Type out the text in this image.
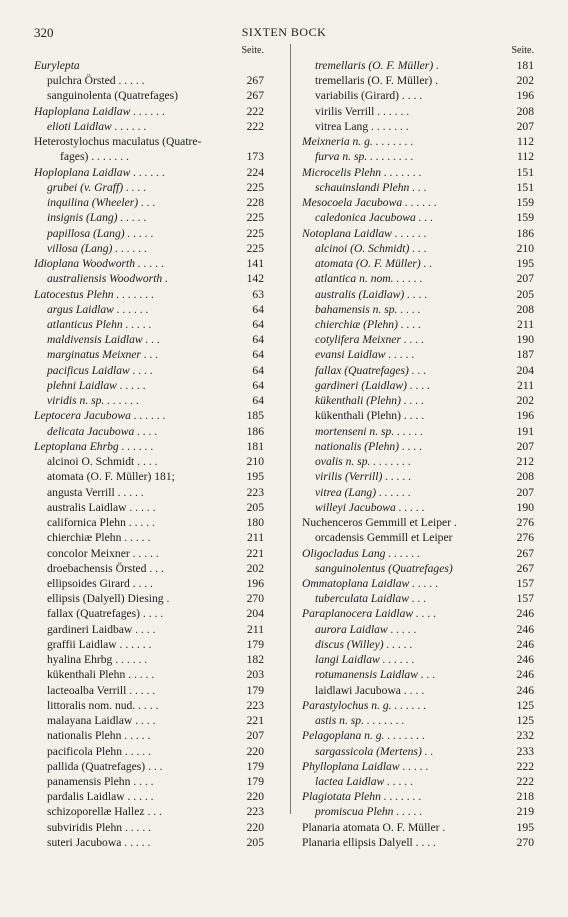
320	SIXTEN BOCK
Seite.
Euryleptа
pulchra Örsted . . . . .	267
sanguinolenta (Quatrefages)	267
Haploplana Laidlaw . . . . . .	222
elioti Laidlaw . . . . . .	222
Heterostylochus maculatus (Quatre-
fages) . . . . . . .	173
Hoploplana Laidlaw . . . . . .	224
grubei (v. Graff) . . . .	225
inquilina (Wheeler) . . .	228
insignis (Lang) . . . . .	225
papillosa (Lang) . . . . .	225
villosa (Lang) . . . . . .	225
Idioplana Woodworth . . . . .	141
australiensis Woodworth .	142
Latocestus Plehn . . . . . . .	63
argus Laidlaw . . . . . .	64
atlanticus Plehn . . . . .	64
maldivensis Laidlaw . . .	64
marginatus Meixner . . .	64
pacificus Laidlaw . . . .	64
plehni Laidlaw . . . . .	64
viridis n. sp. . . . . . .	64
Leptocera Jacubowa . . . . . .	185
delicata Jacubowa . . . .	186
Leptoplana Ehrbg . . . . . .	181
alcinoi O. Schmidt . . . .	210
atomata (O. F. Müller) 181;	195
angusta Verrill . . . . .	223
australis Laidlaw . . . . .	205
californica Plehn . . . . .	180
chierchiæ Plehn . . . . .	211
concolor Meixner . . . . .	221
droebachensis Örsted . . .	202
ellipsoides Girard . . . .	196
ellipsis (Dalyell) Diesing .	270
fallax (Quatrefages) . . . .	204
gardineri Laidbaw . . . .	211
graffii Laidlaw . . . . . .	179
hyalina Ehrbg . . . . . .	182
kükenthali Plehn . . . . .	203
lacteoalba Verrill . . . . .	179
littoralis nom. nud. . . . .	223
malayana Laidlaw . . . .	221
nationalis Plehn . . . . .	207
pacificola Plehn . . . . .	220
pallida (Quatrefages) . . .	179
panamensis Plehn . . . .	179
pardalis Laidlaw . . . . .	220
schizoporellæ Hallez . . .	223
subviridis Plehn . . . . .	220
suteri Jacubowa . . . . .	205
Seite.
tremellaris (O. F. Müller) .	181
tremellaris (O. F. Müller) .	202
variabilis (Girard) . . . .	196
virilis Verrill . . . . . .	208
vitrea Lang . . . . . . .	207
Meixneria n. g. . . . . . . .	112
furva n. sp. . . . . . . . .	112
Microcelis Plehn . . . . . . .	151
schauinslandi Plehn . . .	151
Mesocoela Jacubowa . . . . . .	159
caledonica Jacubowa . . .	159
Notoplana Laidlaw . . . . . .	186
alcinoi (O. Schmidt) . . .	210
atomata (O. F. Müller) . .	195
atlantica n. nom. . . . . .	207
australis (Laidlaw) . . . .	205
bahamensis n. sp. . . . .	208
chierchiæ (Plehn) . . . .	211
cotylifera Meixner . . . .	190
evansi Laidlaw . . . . .	187
fallax (Quatrefages) . . .	204
gardineri (Laidlaw) . . . .	211
kükenthali (Plehn) . . . .	202
kükenthali (Plehn) . . . .	196
mortenseni n. sp. . . . . .	191
nationalis (Plehn) . . . .	207
ovalis n. sp. . . . . . . .	212
virilis (Verrill) . . . . .	208
vitrea (Lang) . . . . . .	207
willeyi Jacubowa . . . . .	190
Nuchenceros Gemmill et Leiper .	276
orcadensis Gemmill et Leiper	276
Oligocladus Lang . . . . . .	267
sanguinolentus (Quatrefages)	267
Ommatoplana Laidlaw . . . . .	157
tuberculata Laidlaw . . .	157
Paraplanocera Laidlaw . . . .	246
aurora Laidlaw . . . . .	246
discus (Willey) . . . . .	246
langi Laidlaw . . . . . .	246
rotumanensis Laidlaw . . .	246
laidlawi Jacubowa . . . .	246
Parastylochus n. g. . . . . . .	125
astis n. sp. . . . . . . .	125
Pelagoplana n. g. . . . . . . .	232
sargassicola (Mertens) . .	233
Phylloplana Laidlaw . . . . .	222
lactea Laidlaw . . . . .	222
Plagiotata Plehn . . . . . . .	218
promiscua Plehn . . . . .	219
Planaria atomata O. F. Müller .	195
Planaria ellipsis Dalyell . . . .	270
